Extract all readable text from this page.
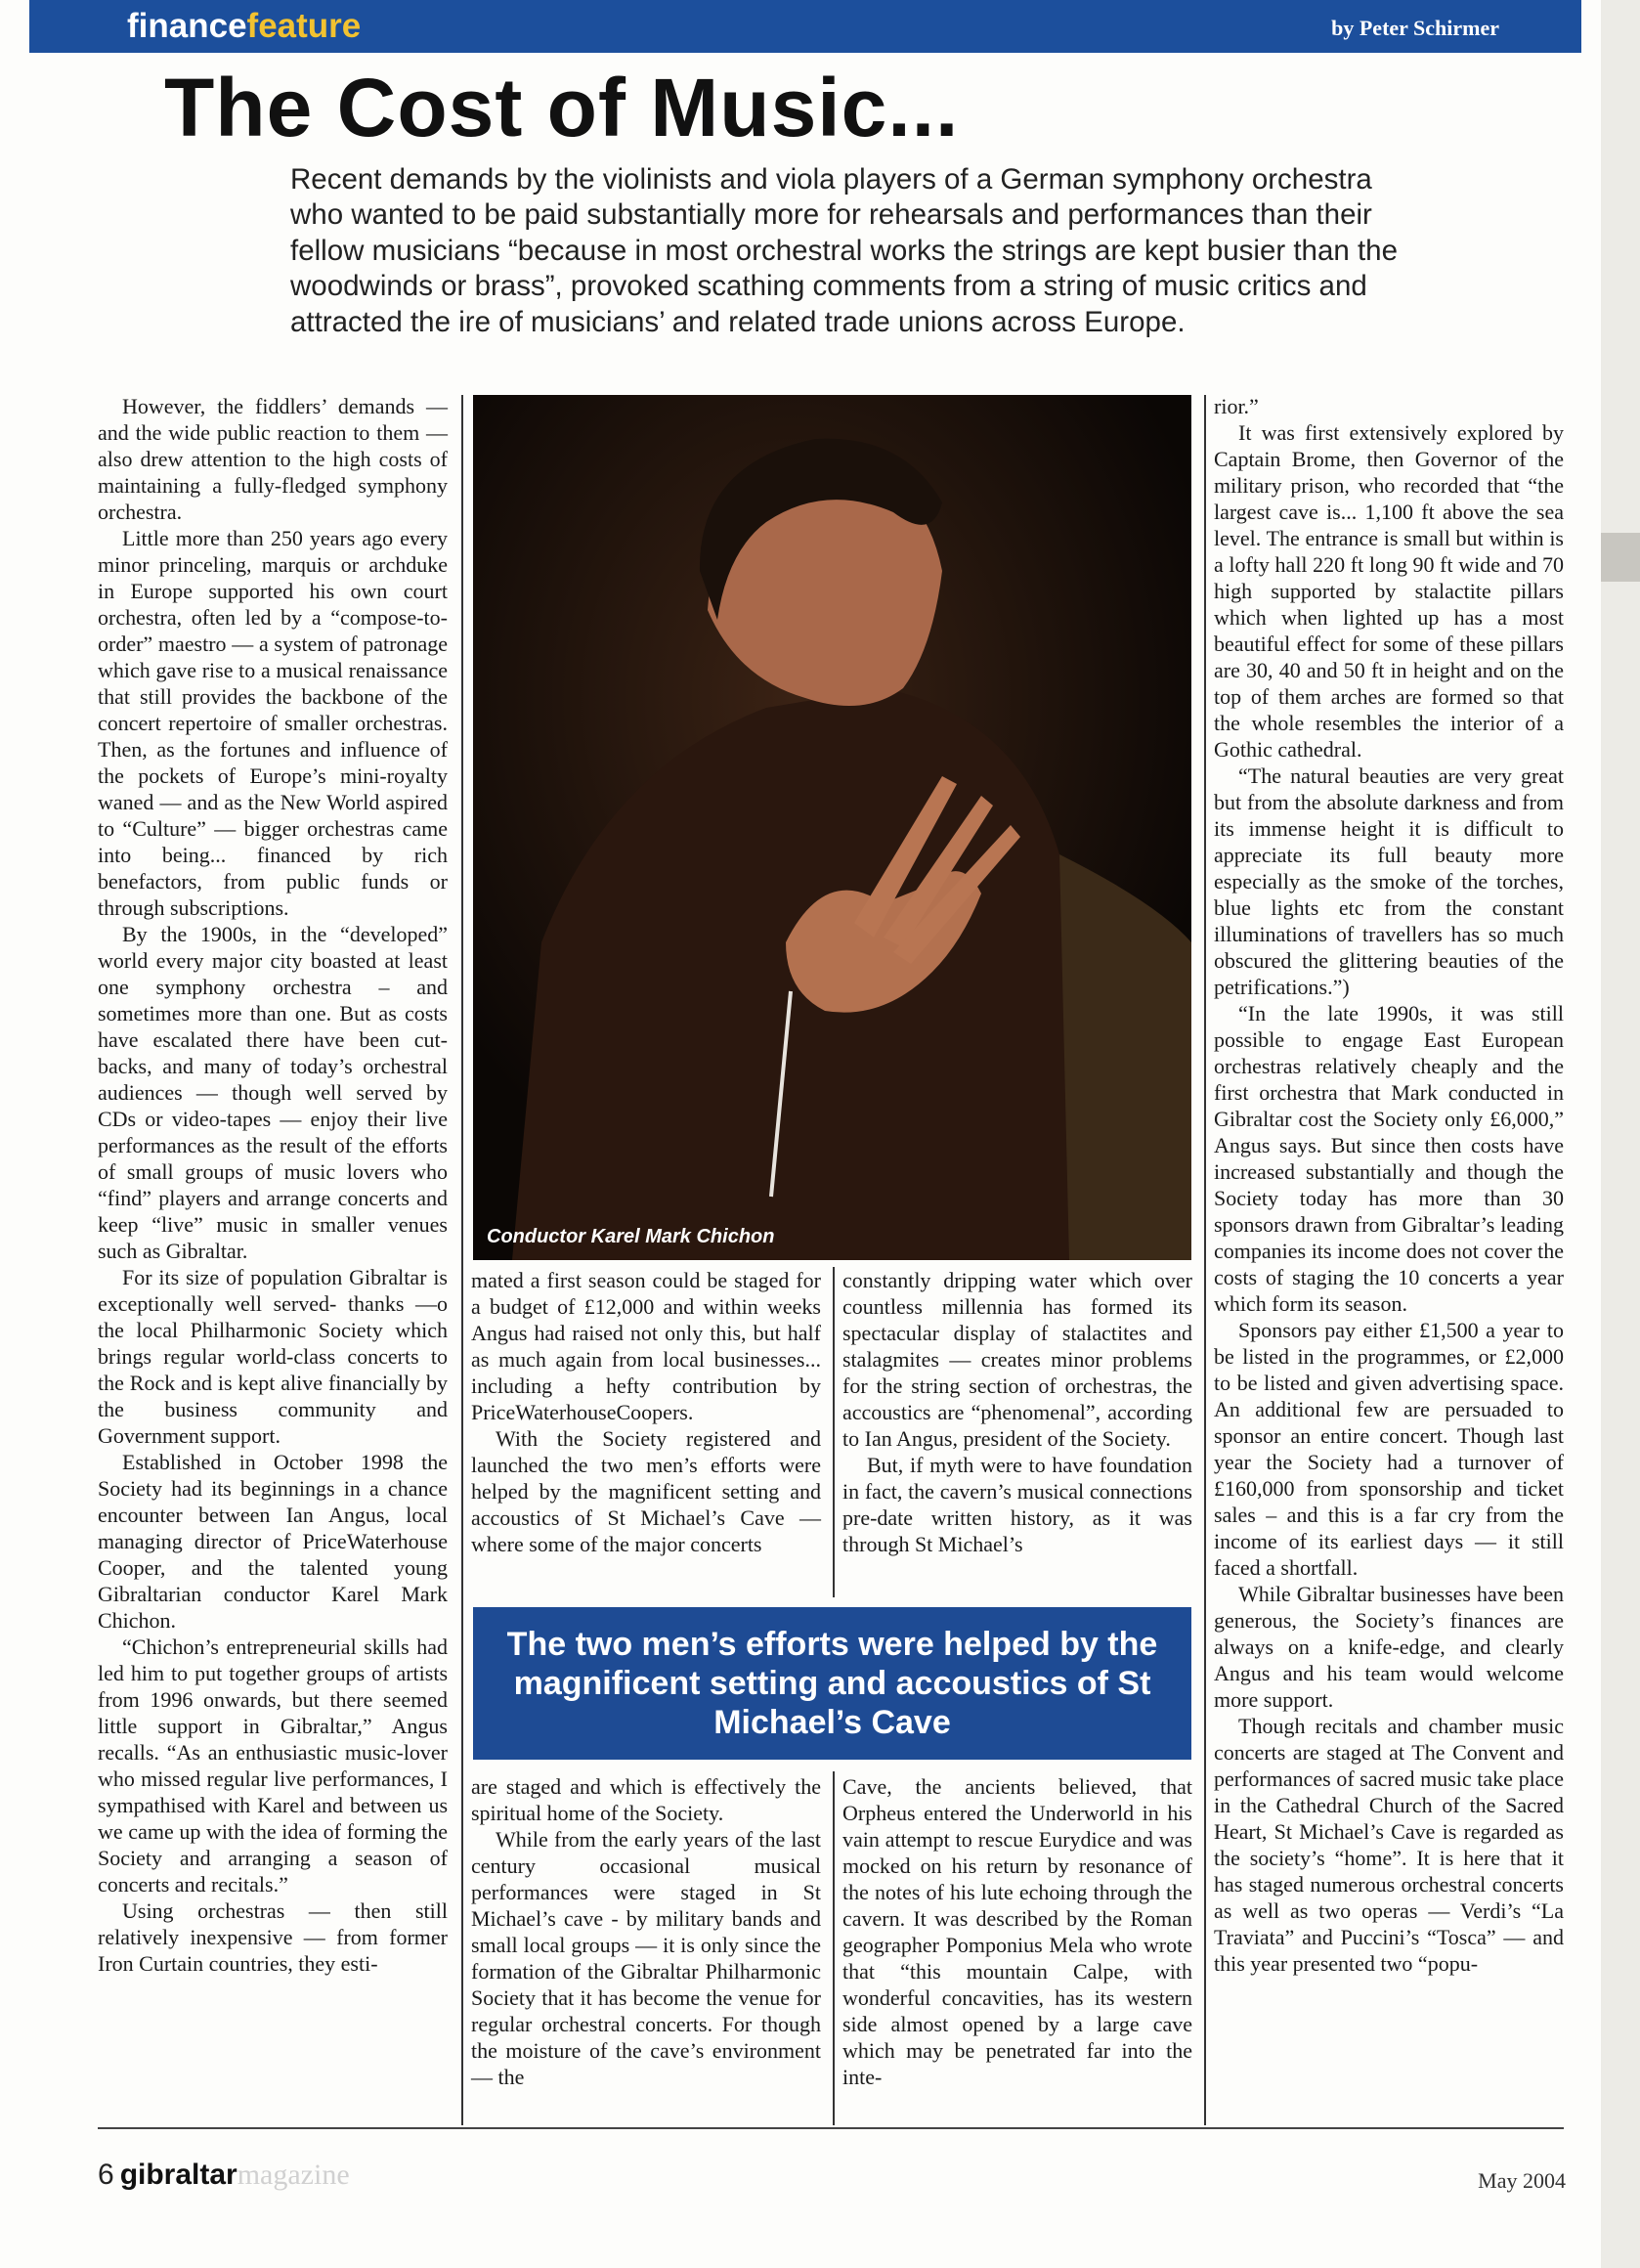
financefeature	by Peter Schirmer
The Cost of Music...

Recent demands by the violinists and viola players of a German symphony orchestra who wanted to be paid substantially more for rehearsals and performances than their fellow musicians “because in most orchestral works the strings are kept busier than the woodwinds or brass”, provoked scathing comments from a string of music critics and attracted the ire of musicians’ and related trade unions across Europe.

However, the fiddlers’ demands — and the wide public reaction to them — also drew attention to the high costs of maintaining a fully-fledged symphony orchestra.

Little more than 250 years ago every minor princeling, marquis or archduke in Europe supported his own court orchestra, often led by a “compose-to-order” maestro — a system of patronage which gave rise to a musical renaissance that still provides the backbone of the concert repertoire of smaller orchestras. Then, as the fortunes and influence of the pockets of Europe’s mini-royalty waned — and as the New World aspired to “Culture” — bigger orchestras came into being... financed by rich benefactors, from public funds or through subscriptions.

By the 1900s, in the “developed” world every major city boasted at least one symphony orchestra – and sometimes more than one. But as costs have escalated there have been cut-backs, and many of today’s orchestral audiences — though well served by CDs or video-tapes — enjoy their live performances as the result of the efforts of small groups of music lovers who “find” players and arrange concerts and keep “live” music in smaller venues such as Gibraltar.

For its size of population Gibraltar is exceptionally well served- thanks —o the local Philharmonic Society which brings regular world-class concerts to the Rock and is kept alive financially by the business community and Government support.

Established in October 1998 the Society had its beginnings in a chance encounter between Ian Angus, local managing director of PriceWaterhouse Cooper, and the talented young Gibraltarian conductor Karel Mark Chichon.

“Chichon’s entrepreneurial skills had led him to put together groups of artists from 1996 onwards, but there seemed little support in Gibraltar,” Angus recalls. “As an enthusiastic music-lover who missed regular live performances, I sympathised with Karel and between us we came up with the idea of forming the Society and arranging a season of concerts and recitals.”

Using orchestras — then still relatively inexpensive — from former Iron Curtain countries, they esti-

Conductor Karel Mark Chichon

mated a first season could be staged for a budget of £12,000 and within weeks Angus had raised not only this, but half as much again from local businesses... including a hefty contribution by PriceWaterhouseCoopers.

With the Society registered and launched the two men’s efforts were helped by the magnificent setting and accoustics of St Michael’s Cave — where some of the major concerts

constantly dripping water which over countless millennia has formed its spectacular display of stalactites and stalagmites — creates minor problems for the string section of orchestras, the accoustics are “phenomenal”, according to Ian Angus, president of the Society.

But, if myth were to have foundation in fact, the cavern’s musical connections pre-date written history, as it was through St Michael’s

The two men’s efforts were helped by the magnificent setting and accoustics of St Michael’s Cave

are staged and which is effectively the spiritual home of the Society.

While from the early years of the last century occasional musical performances were staged in St Michael’s cave - by military bands and small local groups — it is only since the formation of the Gibraltar Philharmonic Society that it has become the venue for regular orchestral concerts. For though the moisture of the cave’s environment — the

Cave, the ancients believed, that Orpheus entered the Underworld in his vain attempt to rescue Eurydice and was mocked on his return by resonance of the notes of his lute echoing through the cavern. It was described by the Roman geographer Pomponius Mela who wrote that “this mountain Calpe, with wonderful concavities, has its western side almost opened by a large cave which may be penetrated far into the inte-

rior.”

It was first extensively explored by Captain Brome, then Governor of the military prison, who recorded that “the largest cave is... 1,100 ft above the sea level. The entrance is small but within is a lofty hall 220 ft long 90 ft wide and 70 high supported by stalactite pillars which when lighted up has a most beautiful effect for some of these pillars are 30, 40 and 50 ft in height and on the top of them arches are formed so that the whole resembles the interior of a Gothic cathedral.

“The natural beauties are very great but from the absolute darkness and from its immense height it is difficult to appreciate its full beauty more especially as the smoke of the torches, blue lights etc from the constant illuminations of travellers has so much obscured the glittering beauties of the petrifications.”)

“In the late 1990s, it was still possible to engage East European orchestras relatively cheaply and the first orchestra that Mark conducted in Gibraltar cost the Society only £6,000,” Angus says. But since then costs have increased substantially and though the Society today has more than 30 sponsors drawn from Gibraltar’s leading companies its income does not cover the costs of staging the 10 concerts a year which form its season.

Sponsors pay either £1,500 a year to be listed in the programmes, or £2,000 to be listed and given advertising space. An additional few are persuaded to sponsor an entire concert. Though last year the Society had a turnover of £160,000 from sponsorship and ticket sales – and this is a far cry from the income of its earliest days — it still faced a shortfall.

While Gibraltar businesses have been generous, the Society’s finances are always on a knife-edge, and clearly Angus and his team would welcome more support.

Though recitals and chamber music concerts are staged at The Convent and performances of sacred music take place in the Cathedral Church of the Sacred Heart, St Michael’s Cave is regarded as the society’s “home”. It is here that it has staged numerous orchestral concerts as well as two operas — Verdi’s “La Traviata” and Puccini’s “Tosca” — and this year presented two “popu-

6 gibraltarmagazine	May 2004
